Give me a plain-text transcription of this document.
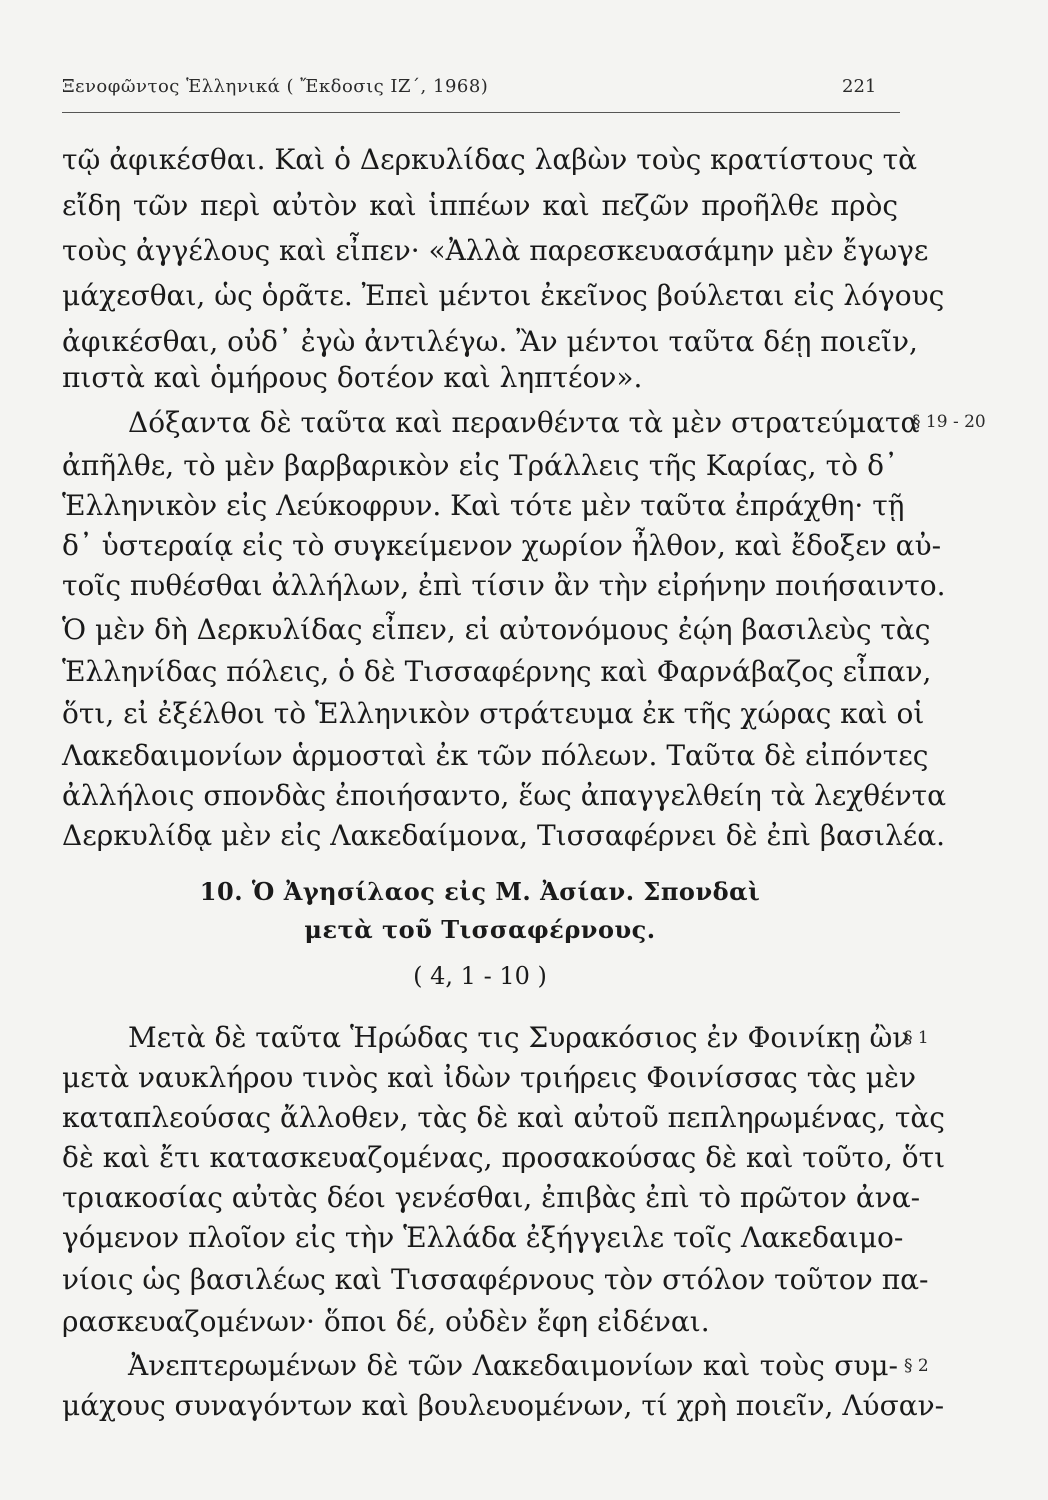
Ξενοφῶντος Ἑλληνικά ( Ἔκδοσις ΙΖ΄, 1968)	221
τῷ ἀφικέσθαι. Καὶ ὁ Δερκυλίδας λαβὼν τοὺς κρατίστους τὰ
εἴδη τῶν περὶ αὐτὸν καὶ ἱππέων καὶ πεζῶν προῆλθε πρὸς
τοὺς ἀγγέλους καὶ εἶπεν· «Ἀλλὰ παρεσκευασάμην μὲν ἔγωγε
μάχεσθαι, ὡς ὁρᾶτε. Ἐπεὶ μέντοι ἐκεῖνος βούλεται εἰς λόγους
ἀφικέσθαι, οὐδ᾽ ἐγὼ ἀντιλέγω. Ἂν μέντοι ταῦτα δέῃ ποιεῖν,
πιστὰ καὶ ὁμήρους δοτέον καὶ ληπτέον».
Δόξαντα δὲ ταῦτα καὶ περανθέντα τὰ μὲν στρατεύματα
§ 19 - 20
ἀπῆλθε, τὸ μὲν βαρβαρικὸν εἰς Τράλλεις τῆς Καρίας, τὸ δ᾽
Ἑλληνικὸν εἰς Λεύκοφρυν. Καὶ τότε μὲν ταῦτα ἐπράχθη· τῇ
δ᾽ ὑστεραίᾳ εἰς τὸ συγκείμενον χωρίον ἦλθον, καὶ ἔδοξεν αὐ-
τοῖς πυθέσθαι ἀλλήλων, ἐπὶ τίσιν ἂν τὴν εἰρήνην ποιήσαιντο.
Ὁ μὲν δὴ Δερκυλίδας εἶπεν, εἰ αὐτονόμους ἐῴη βασιλεὺς τὰς
Ἑλληνίδας πόλεις, ὁ δὲ Τισσαφέρνης καὶ Φαρνάβαζος εἶπαν,
ὅτι, εἰ ἐξέλθοι τὸ Ἑλληνικὸν στράτευμα ἐκ τῆς χώρας καὶ οἱ
Λακεδαιμονίων ἁρμοσταὶ ἐκ τῶν πόλεων. Ταῦτα δὲ εἰπόντες
ἀλλήλοις σπονδὰς ἐποιήσαντο, ἕως ἀπαγγελθείη τὰ λεχθέντα
Δερκυλίδᾳ μὲν εἰς Λακεδαίμονα, Τισσαφέρνει δὲ ἐπὶ βασιλέα.
10. Ὁ Ἀγησίλαος εἰς Μ. Ἀσίαν. Σπονδαὶ
μετὰ τοῦ Τισσαφέρνους.
( 4, 1 - 10 )
Μετὰ δὲ ταῦτα Ἡρώδας τις Συρακόσιος ἐν Φοινίκῃ ὢν
§ 1
μετὰ ναυκλήρου τινὸς καὶ ἰδὼν τριήρεις Φοινίσσας τὰς μὲν
καταπλεούσας ἄλλοθεν, τὰς δὲ καὶ αὐτοῦ πεπληρωμένας, τὰς
δὲ καὶ ἔτι κατασκευαζομένας, προσακούσας δὲ καὶ τοῦτο, ὅτι
τριακοσίας αὐτὰς δέοι γενέσθαι, ἐπιβὰς ἐπὶ τὸ πρῶτον ἀνα-
γόμενον πλοῖον εἰς τὴν Ἑλλάδα ἐξήγγειλε τοῖς Λακεδαιμο-
νίοις ὡς βασιλέως καὶ Τισσαφέρνους τὸν στόλον τοῦτον πα-
ρασκευαζομένων· ὅποι δέ, οὐδὲν ἔφη εἰδέναι.
Ἀνεπτερωμένων δὲ τῶν Λακεδαιμονίων καὶ τοὺς συμ- § 2
μάχους συναγόντων καὶ βουλευομένων, τί χρὴ ποιεῖν, Λύσαν-
